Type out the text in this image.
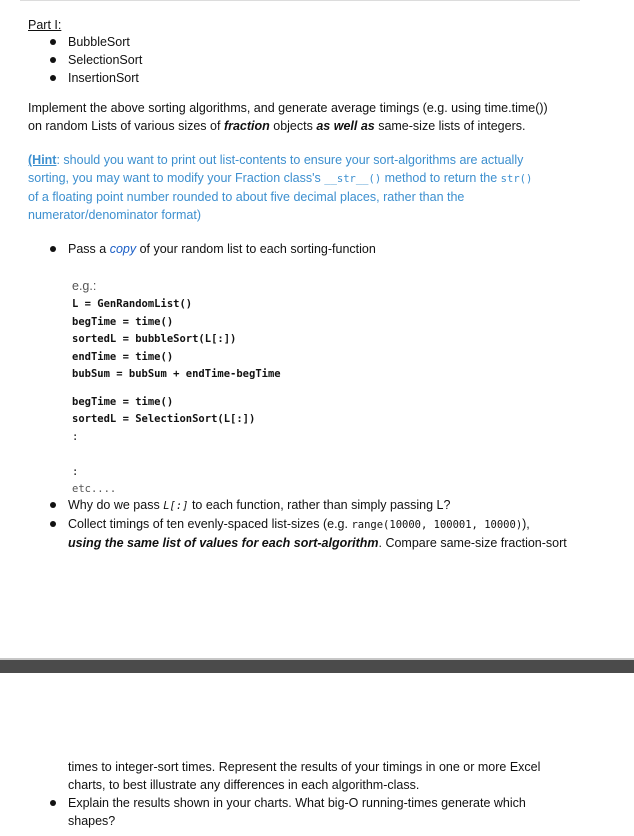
Part I:
BubbleSort
SelectionSort
InsertionSort
Implement the above sorting algorithms, and generate average timings (e.g. using time.time())
on random Lists of various sizes of fraction objects as well as same-size lists of integers.
(Hint: should you want to print out list-contents to ensure your sort-algorithms are actually
sorting, you may want to modify your Fraction class's __str__() method to return the str()
of a floating point number rounded to about five decimal places, rather than the
numerator/denominator format)
Pass a copy of your random list to each sorting-function
e.g.:
L = GenRandomList()
begTime = time()
sortedL = bubbleSort(L[:])
endTime = time()
bubSum = bubSum + endTime-begTime

begTime = time()
sortedL = SelectionSort(L[:])
:

:
etc....
Why do we pass L[:] to each function, rather than simply passing L?
Collect timings of ten evenly-spaced list-sizes (e.g. range(10000, 100001, 10000)),
using the same list of values for each sort-algorithm. Compare same-size fraction-sort
times to integer-sort times. Represent the results of your timings in one or more Excel
charts, to best illustrate any differences in each algorithm-class.
Explain the results shown in your charts. What big-O running-times generate which
shapes?
